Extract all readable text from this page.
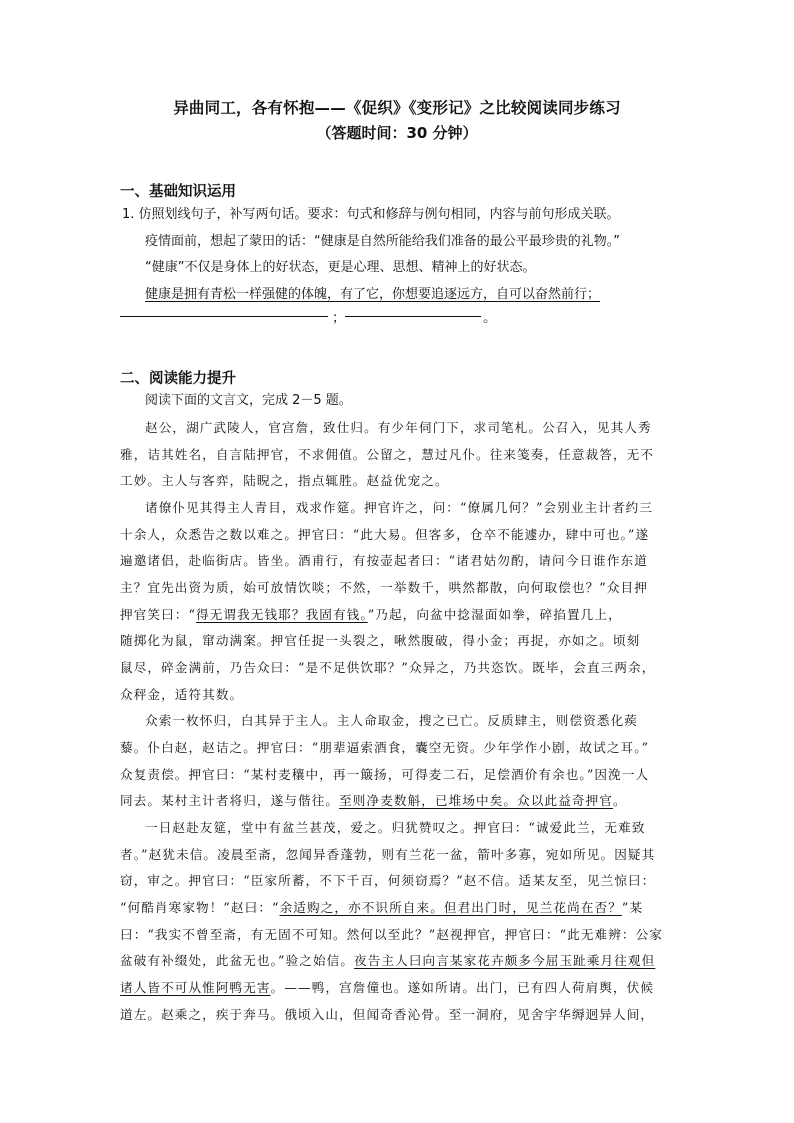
异曲同工，各有怀抱——《促织》《变形记》之比较阅读同步练习
（答题时间：30 分钟）
一、基础知识运用
1. 仿照划线句子，补写两句话。要求：句式和修辞与例句相同，内容与前句形成关联。
疫情面前，想起了蒙田的话：“健康是自然所能给我们准备的最公平最珍贵的礼物。”
“健康”不仅是身体上的好状态，更是心理、思想、精神上的好状态。
健康是拥有青松一样强健的体魄，有了它，你想要追逐远方，自可以奋然前行；
；	。
二、阅读能力提升
阅读下面的文言文，完成 2－5 题。
赵公，湖广武陵人，官宫詹，致仕归。有少年伺门下，求司笔札。公召入，见其人秀
雅，诘其姓名，自言陆押官，不求佣值。公留之，慧过凡仆。往来笺奏，任意裁答，无不
工妙。主人与客弈，陆睨之，指点辄胜。赵益优宠之。
诸僚仆见其得主人青目，戏求作筵。押官许之，问：“僚属几何？”会别业主计者约三
十余人，众悉告之数以难之。押官曰：“此大易。但客多，仓卒不能遽办，肆中可也。”遂
遍邀诸侣，赴临街店。皆坐。酒甫行，有按壶起者曰：“诸君姑勿酌，请问今日谁作东道
主？宜先出资为质，始可放情饮啖；不然，一举数千，哄然都散，向何取偿也？”众目押
押官笑曰：“得无谓我无钱耶？我固有钱。”乃起，向盆中捻湿面如拳，碎掐置几上，
随掷化为鼠，窜动满案。押官任捉一头裂之，啾然腹破，得小金；再捉，亦如之。顷刻
鼠尽，碎金满前，乃告众曰：“是不足供饮耶？”众异之，乃共恣饮。既毕，会直三两余，
众秤金，适符其数。
众索一枚怀归，白其异于主人。主人命取金，搜之已亡。反质肆主，则偿资悉化蒺
藜。仆白赵，赵诘之。押官曰：“朋辈逼索酒食，囊空无资。少年学作小剧，故试之耳。”
众复责偿。押官曰：“某村麦穰中，再一簸扬，可得麦二石，足偿酒价有余也。”因浼一人
同去。某村主计者将归，遂与偕往。至则净麦数斛，已堆场中矣。众以此益奇押官。
一日赵赴友筵，堂中有盆兰甚茂，爱之。归犹赞叹之。押官曰：“诚爱此兰，无难致
者。”赵犹未信。凌晨至斋，忽闻异香蓬勃，则有兰花一盆，箭叶多寡，宛如所见。因疑其
窃，审之。押官曰：“臣家所蓄，不下千百，何须窃焉？”赵不信。适某友至，见兰惊曰：
“何酷肖寒家物！”赵曰：“余适购之，亦不识所自来。但君出门时，见兰花尚在否？”某
曰：“我实不曾至斋，有无固不可知。然何以至此？”赵视押官，押官曰：“此无难辨：公家
盆破有补缀处，此盆无也。”验之始信。夜告主人曰向言某家花卉颇多今屈玉趾乘月往观但
诸人皆不可从惟阿鸭无害。——鸭，宫詹僮也。遂如所请。出门，已有四人荷肩舆，伏候
道左。赵乘之，疾于奔马。俄顷入山，但闻奇香沁骨。至一洞府，见舍宇华缛迥异人间，
